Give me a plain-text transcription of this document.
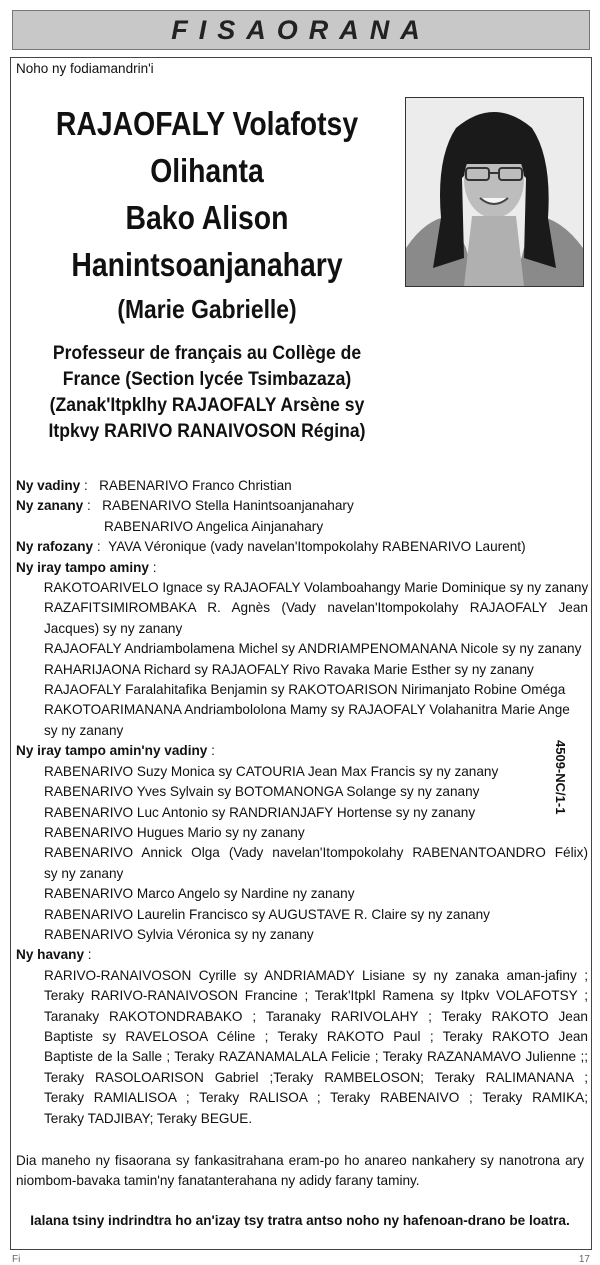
FISAORANA
Noho ny fodiamandrin'i
RAJAOFALY Volafotsy
Olihanta
Bako Alison
Hanintsoanjanahary
(Marie Gabrielle)
Professeur de français au Collège de
France (Section lycée Tsimbazaza)
(Zanak'Itpklhy RAJAOFALY Arsène sy
Itpkvy RARIVO RANAIVOSON Régina)
Ny vadiny :   RABENARIVO Franco Christian
Ny zanany :   RABENARIVO Stella Hanintsoanjanahary
RABENARIVO Angelica Ainjanahary
Ny rafozany :  YAVA Véronique (vady navelan'Itompokolahy RABENARIVO Laurent)
Ny iray tampo aminy :
RAKOTOARIVELO Ignace sy RAJAOFALY Volamboahangy Marie Dominique sy ny zanany
RAZAFITSIMIROMBAKA R. Agnès (Vady navelan'Itompokolahy RAJAOFALY Jean
Jacques) sy ny zanany
RAJAOFALY Andriambolamena Michel sy ANDRIAMPENOMANANA Nicole sy ny zanany
RAHARIJAONA Richard sy RAJAOFALY Rivo Ravaka Marie Esther sy ny zanany
RAJAOFALY Faralahitafika Benjamin sy RAKOTOARISON Nirimanjato Robine Oméga
RAKOTOARIMANANA Andriambololona Mamy sy RAJAOFALY Volahanitra Marie Ange
sy ny zanany
Ny iray tampo amin'ny vadiny :
RABENARIVO Suzy Monica sy CATOURIA Jean Max Francis sy ny zanany
RABENARIVO Yves Sylvain sy BOTOMANONGA Solange sy ny zanany
RABENARIVO Luc Antonio sy RANDRIANJAFY Hortense sy ny zanany
RABENARIVO Hugues Mario sy ny zanany
RABENARIVO Annick Olga (Vady navelan'Itompokolahy RABENANTOANDRO Félix)
sy ny zanany
RABENARIVO Marco Angelo sy Nardine ny zanany
RABENARIVO Laurelin Francisco sy AUGUSTAVE R. Claire sy ny zanany
RABENARIVO Sylvia Véronica sy ny zanany
Ny havany :
RARIVO-RANAIVOSON Cyrille sy ANDRIAMADY Lisiane sy ny zanaka aman-jafiny ;
Teraky RARIVO-RANAIVOSON Francine ; Terak'Itpkl Ramena sy Itpkv VOLAFOTSY ;
Taranaky RAKOTONDRABAKO ; Taranaky RARIVOLAHY ; Teraky RAKOTO Jean
Baptiste sy RAVELOSOA Céline ; Teraky RAKOTO Paul ; Teraky RAKOTO Jean
Baptiste de la Salle ; Teraky RAZANAMALALA Felicie ; Teraky RAZANAMAVO Julienne ;;
Teraky RASOLOARISON Gabriel ;Teraky RAMBELOSON; Teraky RALIMANANA ;
Teraky RAMIALISOA ; Teraky RALISOA ; Teraky RABENAIVO ; Teraky RAMIKA;
Teraky TADJIBAY; Teraky BEGUE.
4509-NC/1-1
Dia maneho ny fisaorana sy fankasitrahana eram-po ho anareo nankahery sy nanotrona ary
niombom-bavaka tamin'ny fanatanterahana ny adidy farany taminy.
Ialana tsiny indrindtra ho an'izay tsy tratra antso noho ny hafenoan-drano be loatra.
Fi	17
